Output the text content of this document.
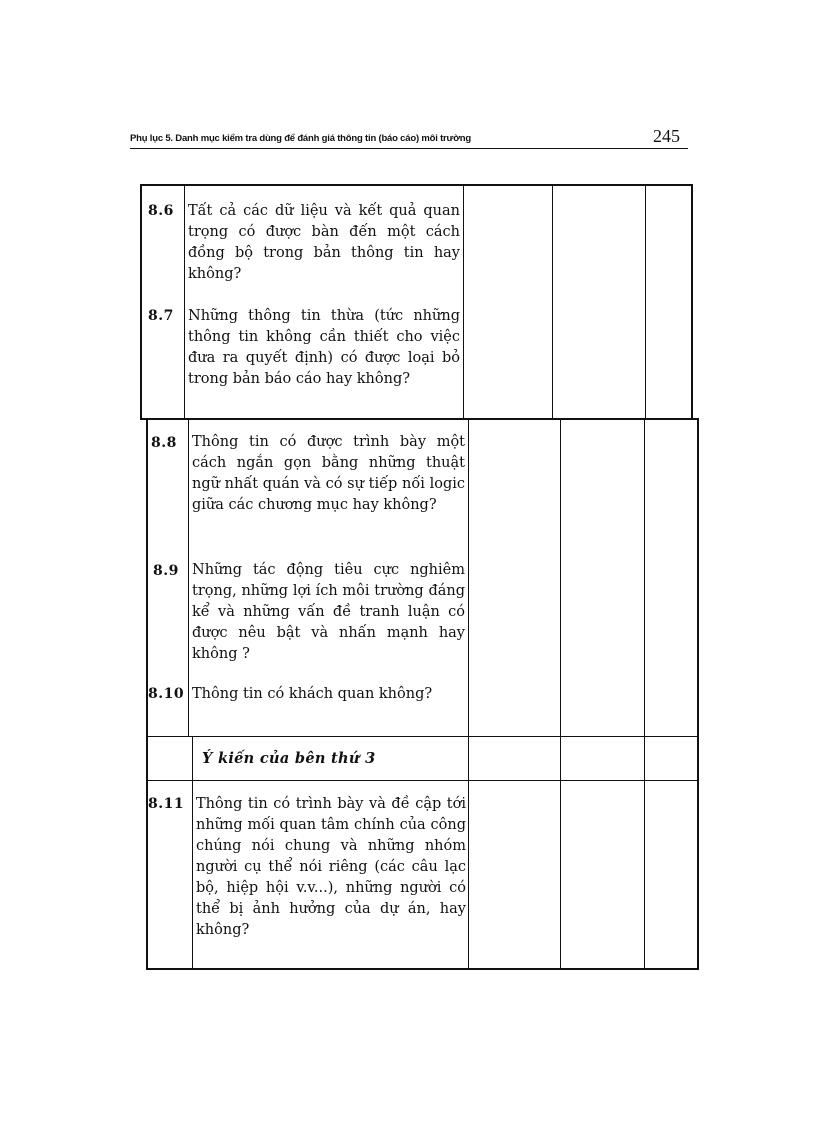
Phụ lục 5. Danh mục kiểm tra dùng để đánh giá thông tin (báo cáo) môi trường	245
8.6 Tất cả các dữ liệu và kết quả quan trọng có được bàn đến một cách đồng bộ trong bản thông tin hay không?
8.7 Những thông tin thừa (tức những thông tin không cần thiết cho việc đưa ra quyết định) có được loại bỏ trong bản báo cáo hay không?
8.8 Thông tin có được trình bày một cách ngắn gọn bằng những thuật ngữ nhất quán và có sự tiếp nối logic giữa các chương mục hay không?
8.9 Những tác động tiêu cực nghiêm trọng, những lợi ích môi trường đáng kể và những vấn đề tranh luận có được nêu bật và nhấn mạnh hay không ?
8.10 Thông tin có khách quan không?
Ý kiến của bên thứ 3
8.11 Thông tin có trình bày và đề cập tới những mối quan tâm chính của công chúng nói chung và những nhóm người cụ thể nói riêng (các câu lạc bộ, hiệp hội v.v...), những người có thể bị ảnh hưởng của dự án, hay không?
